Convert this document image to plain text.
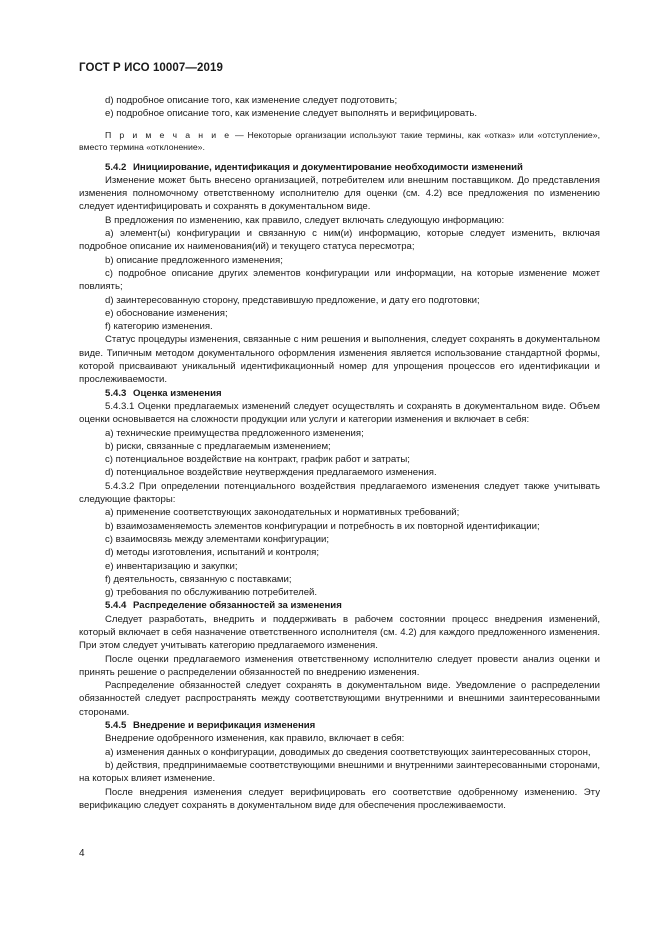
ГОСТ Р ИСО 10007—2019

d) подробное описание того, как изменение следует подготовить;

e) подробное описание того, как изменение следует выполнять и верифицировать.

П р и м е ч а н и е — Некоторые организации используют такие термины, как «отказ» или «отступление», вместо термина «отклонение».

5.4.2 Инициирование, идентификация и документирование необходимости изменений

Изменение может быть внесено организацией, потребителем или внешним поставщиком. До представления изменения полномочному ответственному исполнителю для оценки (см. 4.2) все предложения по изменению следует идентифицировать и сохранять в документальном виде.

В предложения по изменению, как правило, следует включать следующую информацию:

a) элемент(ы) конфигурации и связанную с ним(и) информацию, которые следует изменить, включая подробное описание их наименования(ий) и текущего статуса пересмотра;

b) описание предложенного изменения;

c) подробное описание других элементов конфигурации или информации, на которые изменение может повлиять;

d) заинтересованную сторону, представившую предложение, и дату его подготовки;

e) обоснование изменения;

f) категорию изменения.

Статус процедуры изменения, связанные с ним решения и выполнения, следует сохранять в документальном виде. Типичным методом документального оформления изменения является использование стандартной формы, которой присваивают уникальный идентификационный номер для упрощения процессов его идентификации и прослеживаемости.

5.4.3 Оценка изменения

5.4.3.1 Оценки предлагаемых изменений следует осуществлять и сохранять в документальном виде. Объем оценки основывается на сложности продукции или услуги и категории изменения и включает в себя:

a) технические преимущества предложенного изменения;

b) риски, связанные с предлагаемым изменением;

c) потенциальное воздействие на контракт, график работ и затраты;

d) потенциальное воздействие неутверждения предлагаемого изменения.

5.4.3.2 При определении потенциального воздействия предлагаемого изменения следует также учитывать следующие факторы:

a) применение соответствующих законодательных и нормативных требований;

b) взаимозаменяемость элементов конфигурации и потребность в их повторной идентификации;

c) взаимосвязь между элементами конфигурации;

d) методы изготовления, испытаний и контроля;

e) инвентаризацию и закупки;

f) деятельность, связанную с поставками;

g) требования по обслуживанию потребителей.

5.4.4 Распределение обязанностей за изменения

Следует разработать, внедрить и поддерживать в рабочем состоянии процесс внедрения изменений, который включает в себя назначение ответственного исполнителя (см. 4.2) для каждого предложенного изменения. При этом следует учитывать категорию предлагаемого изменения.

После оценки предлагаемого изменения ответственному исполнителю следует провести анализ оценки и принять решение о распределении обязанностей по внедрению изменения.

Распределение обязанностей следует сохранять в документальном виде. Уведомление о распределении обязанностей следует распространять между соответствующими внутренними и внешними заинтересованными сторонами.

5.4.5 Внедрение и верификация изменения

Внедрение одобренного изменения, как правило, включает в себя:

a) изменения данных о конфигурации, доводимых до сведения соответствующих заинтересованных сторон,

b) действия, предпринимаемые соответствующими внешними и внутренними заинтересованными сторонами, на которых влияет изменение.

После внедрения изменения следует верифицировать его соответствие одобренному изменению. Эту верификацию следует сохранять в документальном виде для обеспечения прослеживаемости.

4
